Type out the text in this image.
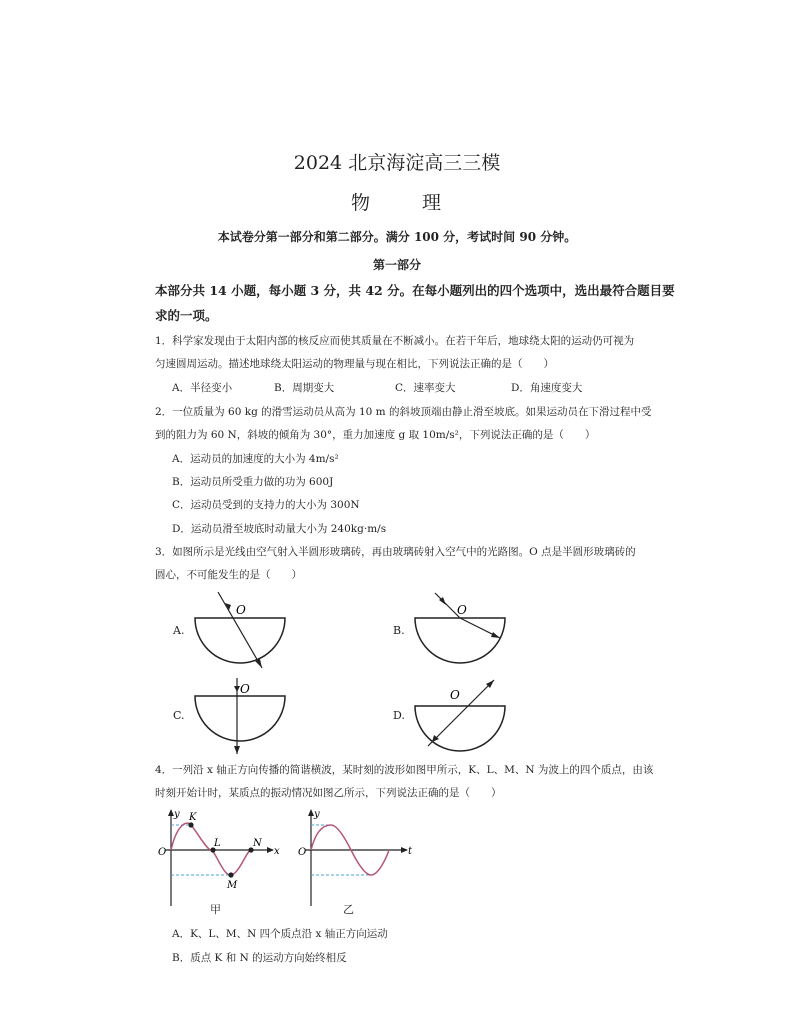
2024 北京海淀高三三模
物	理
本试卷分第一部分和第二部分。满分 100 分，考试时间 90 分钟。
第一部分
本部分共 14 小题，每小题 3 分，共 42 分。在每小题列出的四个选项中，选出最符合题目要
求的一项。
1．科学家发现由于太阳内部的核反应而使其质量在不断减小。在若干年后，地球绕太阳的运动仍可视为
匀速圆周运动。描述地球绕太阳运动的物理量与现在相比，下列说法正确的是（　　）
A．半径变小	B．周期变大	C．速率变大	D．角速度变大
2．一位质量为 60 kg 的滑雪运动员从高为 10 m 的斜坡顶端由静止滑至坡底。如果运动员在下滑过程中受
到的阻力为 60 N，斜坡的倾角为 30°，重力加速度 g 取 10m/s²，下列说法正确的是（　　）
A．运动员的加速度的大小为 4m/s²
B．运动员所受重力做的功为 600J
C．运动员受到的支持力的大小为 300N
D．运动员滑至坡底时动量大小为 240kg·m/s
3．如图所示是光线由空气射入半圆形玻璃砖，再由玻璃砖射入空气中的光路图。O 点是半圆形玻璃砖的
圆心，不可能发生的是（　　）
A.
O
B.
O
C.
O
D.
O
4．一列沿 x 轴正方向传播的简谐横波，某时刻的波形如图甲所示，K、L、M、N 为波上的四个质点，由该
时刻开始计时，某质点的振动情况如图乙所示，下列说法正确的是（　　）
y
O	x
K
L
M
N
甲
y
O	t
乙
A．K、L、M、N 四个质点沿 x 轴正方向运动
B．质点 K 和 N 的运动方向始终相反
